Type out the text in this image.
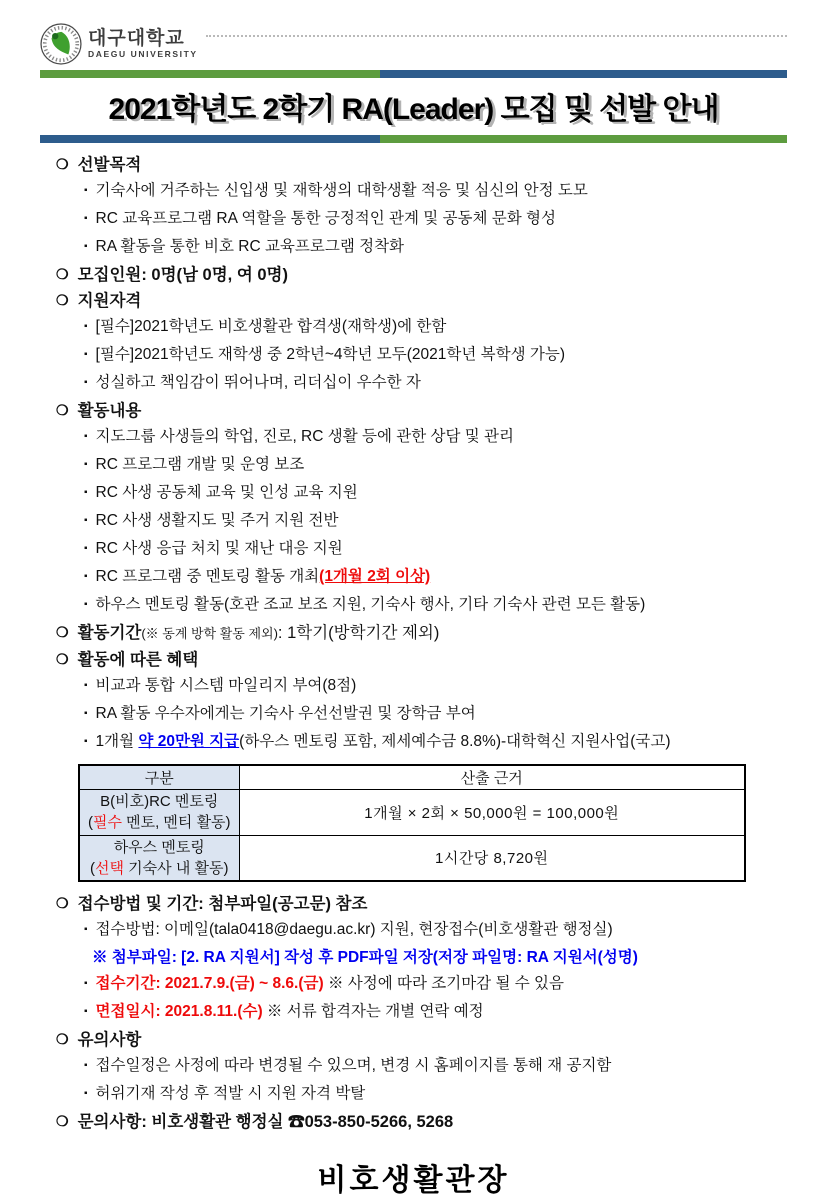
대구대학교
DAEGU UNIVERSITY
2021학년도 2학기 RA(Leader) 모집 및 선발 안내
❍ 선발목적
▪ 기숙사에 거주하는 신입생 및 재학생의 대학생활 적응 및 심신의 안정 도모
▪ RC 교육프로그램 RA 역할을 통한 긍정적인 관계 및 공동체 문화 형성
▪ RA 활동을 통한 비호 RC 교육프로그램 정착화
❍ 모집인원: 0명(남 0명, 여 0명)
❍ 지원자격
▪ [필수]2021학년도 비호생활관 합격생(재학생)에 한함
▪ [필수]2021학년도 재학생 중 2학년~4학년 모두(2021학년 복학생 가능)
▪ 성실하고 책임감이 뛰어나며, 리더십이 우수한 자
❍ 활동내용
▪ 지도그룹 사생들의 학업, 진로, RC 생활 등에 관한 상담 및 관리
▪ RC 프로그램 개발 및 운영 보조
▪ RC 사생 공동체 교육 및 인성 교육 지원
▪ RC 사생 생활지도 및 주거 지원 전반
▪ RC 사생 응급 처치 및 재난 대응 지원
▪ RC 프로그램 중 멘토링 활동 개최(1개월 2회 이상)
▪ 하우스 멘토링 활동(호관 조교 보조 지원, 기숙사 행사, 기타 기숙사 관련 모든 활동)
❍ 활동기간(※ 동계 방학 활동 제외): 1학기(방학기간 제외)
❍ 활동에 따른 혜택
▪ 비교과 통합 시스템 마일리지 부여(8점)
▪ RA 활동 우수자에게는 기숙사 우선선발권 및 장학금 부여
▪ 1개월 약 20만원 지급(하우스 멘토링 포함, 제세예수금 8.8%)-대학혁신 지원사업(국고)
구분	산출 근거

B(비호)RC 멘토링
(필수 멘토, 멘티 활동)	1개월 × 2회 × 50,000원 = 100,000원

하우스 멘토링
(선택 기숙사 내 활동)	1시간당 8,720원
❍ 접수방법 및 기간: 첨부파일(공고문) 참조
▪ 접수방법: 이메일(tala0418@daegu.ac.kr) 지원, 현장접수(비호생활관 행정실)
※ 첨부파일: [2. RA 지원서] 작성 후 PDF파일 저장(저장 파일명: RA 지원서(성명)
▪ 접수기간: 2021.7.9.(금) ~ 8.6.(금) ※ 사정에 따라 조기마감 될 수 있음
▪ 면접일시: 2021.8.11.(수) ※ 서류 합격자는 개별 연락 예정
❍ 유의사항
▪ 접수일정은 사정에 따라 변경될 수 있으며, 변경 시 홈페이지를 통해 재 공지함
▪ 허위기재 작성 후 적발 시 지원 자격 박탈
❍ 문의사항: 비호생활관 행정실 ☎053-850-5266, 5268
비호생활관장
